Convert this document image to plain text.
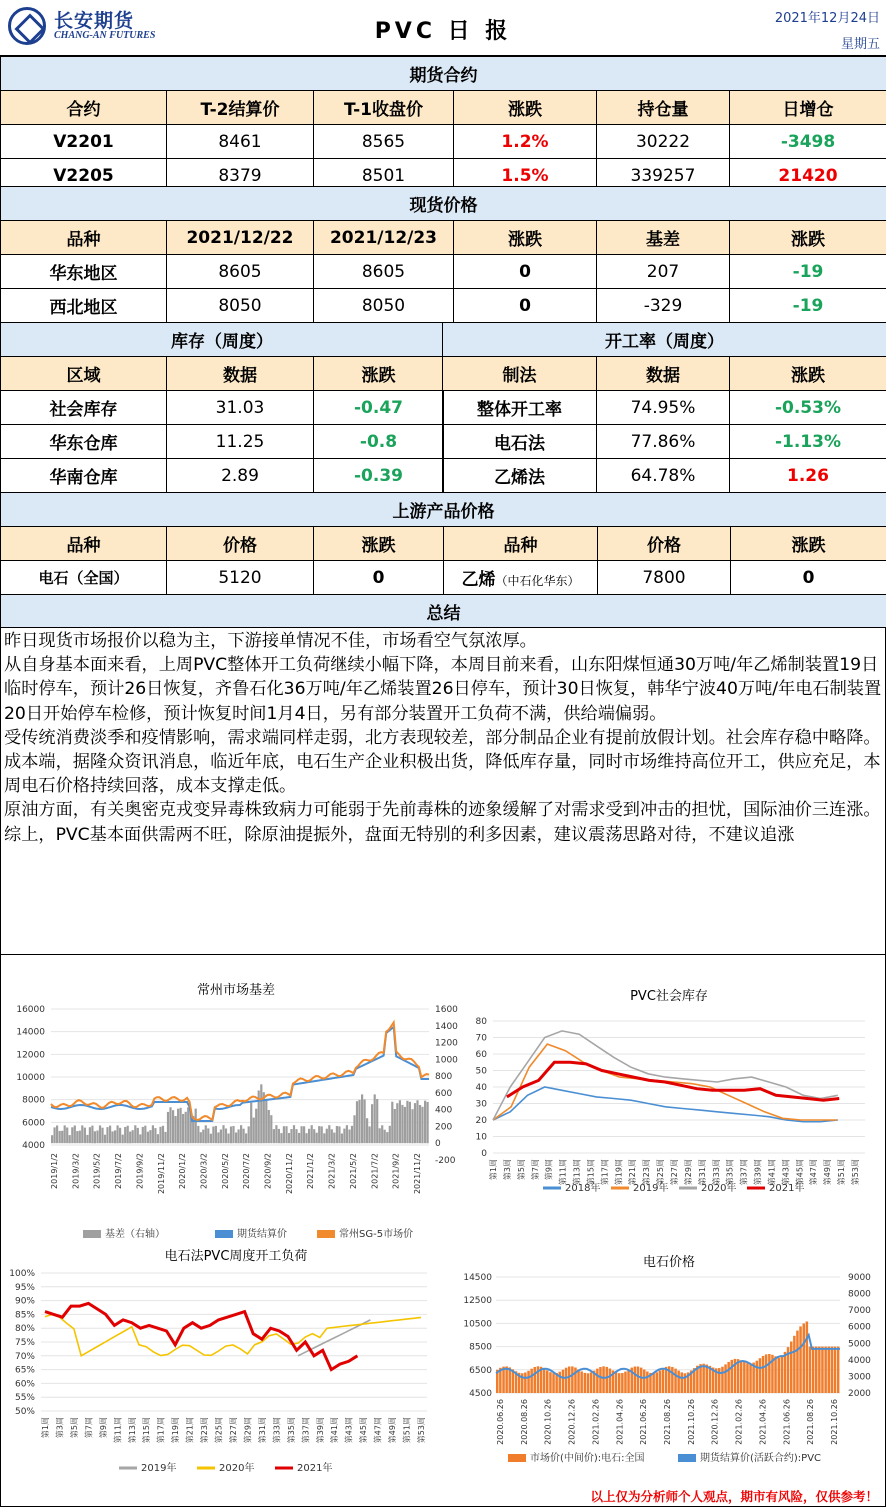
长安期货
CHANG-AN FUTURES	PVC 日 报
2021年12月24日
星期五
期货合约					
合约	T-2结算价	T-1收盘价	涨跌	持仓量	日增仓
V2201	8461	8565	1.2%	30222	-3498
V2205	8379	8501	1.5%	339257	21420
现货价格					
品种	2021/12/22	2021/12/23	涨跌	基差	涨跌
华东地区	8605	8605	0	207	-19
西北地区	8050	8050	0	-329	-19
库存（周度）		
区域	数据	涨跌
社会库存	31.03	-0.47
华东仓库	11.25	-0.8
华南仓库	2.89	-0.39
开工率（周度）		
制法	数据	涨跌
整体开工率	74.95%	-0.53%
电石法	77.86%	-1.13%
乙烯法	64.78%	1.26
上游产品价格					
品种	价格	涨跌	品种	价格	涨跌
电石（全国）	5120	0	乙烯（中石化华东）	7800	0
总结

昨日现货市场报价以稳为主，下游接单情况不佳，市场看空气氛浓厚。

从自身基本面来看，上周PVC整体开工负荷继续小幅下降，本周目前来看，山东阳煤恒通30万吨/年乙烯制装置19日临时停车，预计26日恢复，齐鲁石化36万吨/年乙烯装置26日停车，预计30日恢复，韩华宁波40万吨/年电石制装置20日开始停车检修，预计恢复时间1月4日，另有部分装置开工负荷不满，供给端偏弱。

受传统消费淡季和疫情影响，需求端同样走弱，北方表现较差，部分制品企业有提前放假计划。社会库存稳中略降。

成本端，据隆众资讯消息，临近年底，电石生产企业积极出货，降低库存量，同时市场维持高位开工，供应充足，本周电石价格持续回落，成本支撑走低。

原油方面，有关奥密克戎变异毒株致病力可能弱于先前毒株的迹象缓解了对需求受到冲击的担忧，国际油价三连涨。

综上，PVC基本面供需两不旺，除原油提振外，盘面无特别的利多因素，建议震荡思路对待，不建议追涨

常州市场基差	PVC社会库存
电石法PVC周度开工负荷	电石价格
16000
14000
12000
10000
8000
6000
4000
1600
1400
1200
1000
800
600
400
200
0
-200
2019/1/2 2019/3/2 2019/5/2 2019/7/2 2019/9/2 2019/11/2 2020/1/2 2020/3/2 2020/5/2 2020/7/2 2020/9/2 2020/11/2 2021/1/2 2021/3/2 2021/5/2 2021/7/2 2021/9/2 2021/11/2
基差（右轴）	期货结算价	常州SG-5市场价
80
70
60
50
40
30
20
10
0
第1周 第3周 第5周 第7周 第9周 第11周 第13周 第15周 第17周 第19周 第21周 第23周 第25周 第27周 第29周 第31周 第33周 第35周 第37周 第39周 第41周 第43周 第45周 第47周 第49周 第51周 第53周
2018年	2019年	2020年	2021年
100%
95%
90%
85%
80%
75%
70%
65%
60%
55%
50%
第1周 第3周 第5周 第7周 第9周 第11周 第13周 第15周 第17周 第19周 第21周 第23周 第25周 第27周 第29周 第31周 第33周 第35周 第37周 第39周 第41周 第43周 第45周 第47周 第49周 第51周 第53周
2019年	2020年	2021年
14500
12500
10500
8500
6500
4500
9000
8000
7000
6000
5000
4000
3000
2000
2020.06.26 2020.08.26 2020.10.26 2020.12.26 2021.02.26 2021.04.26 2021.06.26 2021.08.26 2021.10.26 2020.12.26 2021.02.26 2021.04.26 2021.06.26 2021.08.26 2021.10.26
市场价(中间价):电石:全国	期货结算价(活跃合约):PVC
以上仅为分析师个人观点，期市有风险，仅供参考！
